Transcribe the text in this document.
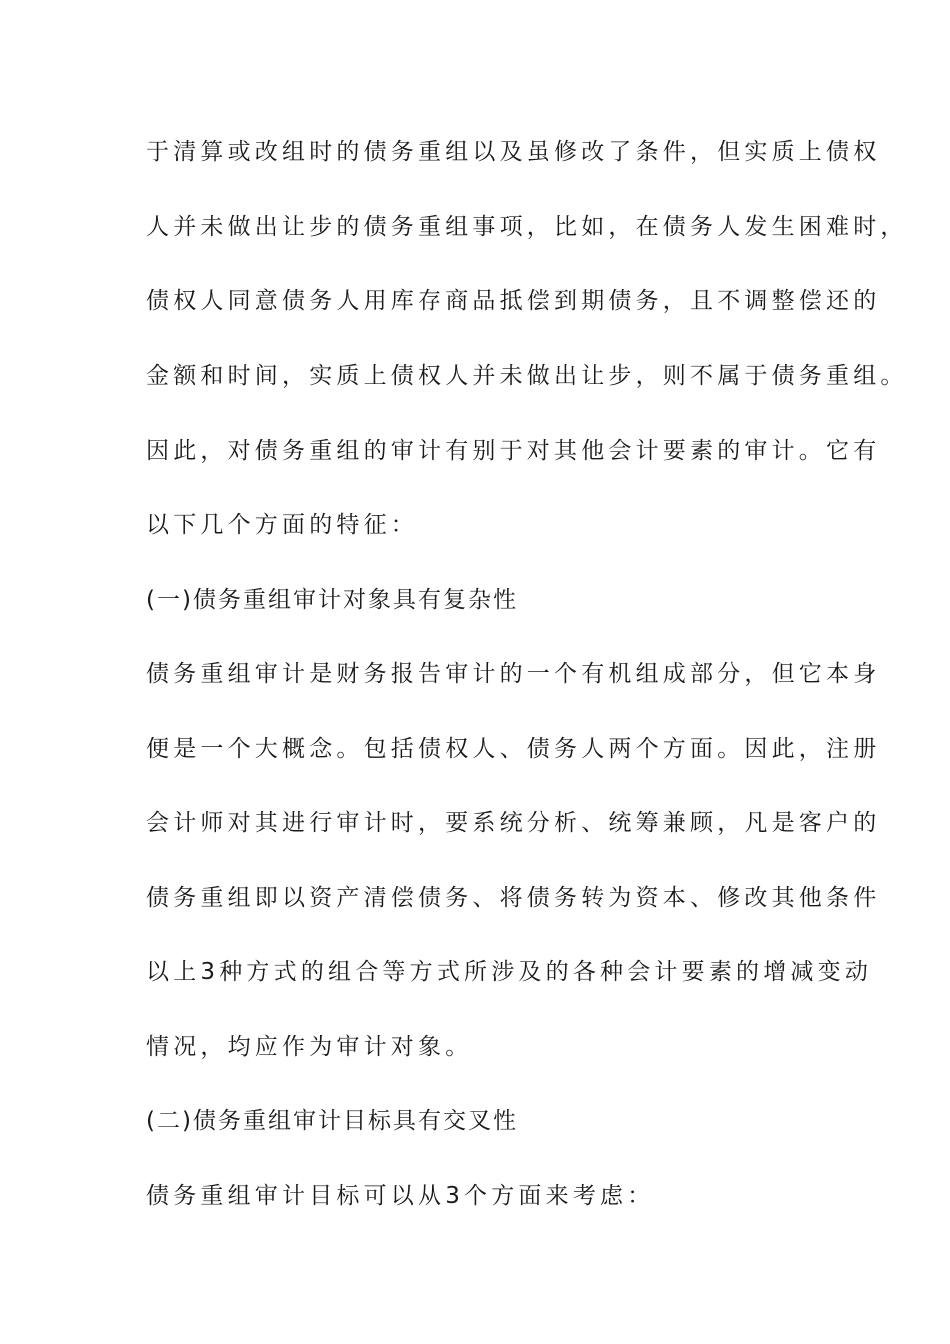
于清算或改组时的债务重组以及虽修改了条件，但实质上债权
人并未做出让步的债务重组事项，比如，在债务人发生困难时，
债权人同意债务人用库存商品抵偿到期债务，且不调整偿还的
金额和时间，实质上债权人并未做出让步，则不属于债务重组。
因此，对债务重组的审计有别于对其他会计要素的审计。它有
以下几个方面的特征：
(一)债务重组审计对象具有复杂性
债务重组审计是财务报告审计的一个有机组成部分，但它本身
便是一个大概念。包括债权人、债务人两个方面。因此，注册
会计师对其进行审计时，要系统分析、统筹兼顾，凡是客户的
债务重组即以资产清偿债务、将债务转为资本、修改其他条件
以上3种方式的组合等方式所涉及的各种会计要素的增减变动
情况，均应作为审计对象。
(二)债务重组审计目标具有交叉性
债务重组审计目标可以从3个方面来考虑：
